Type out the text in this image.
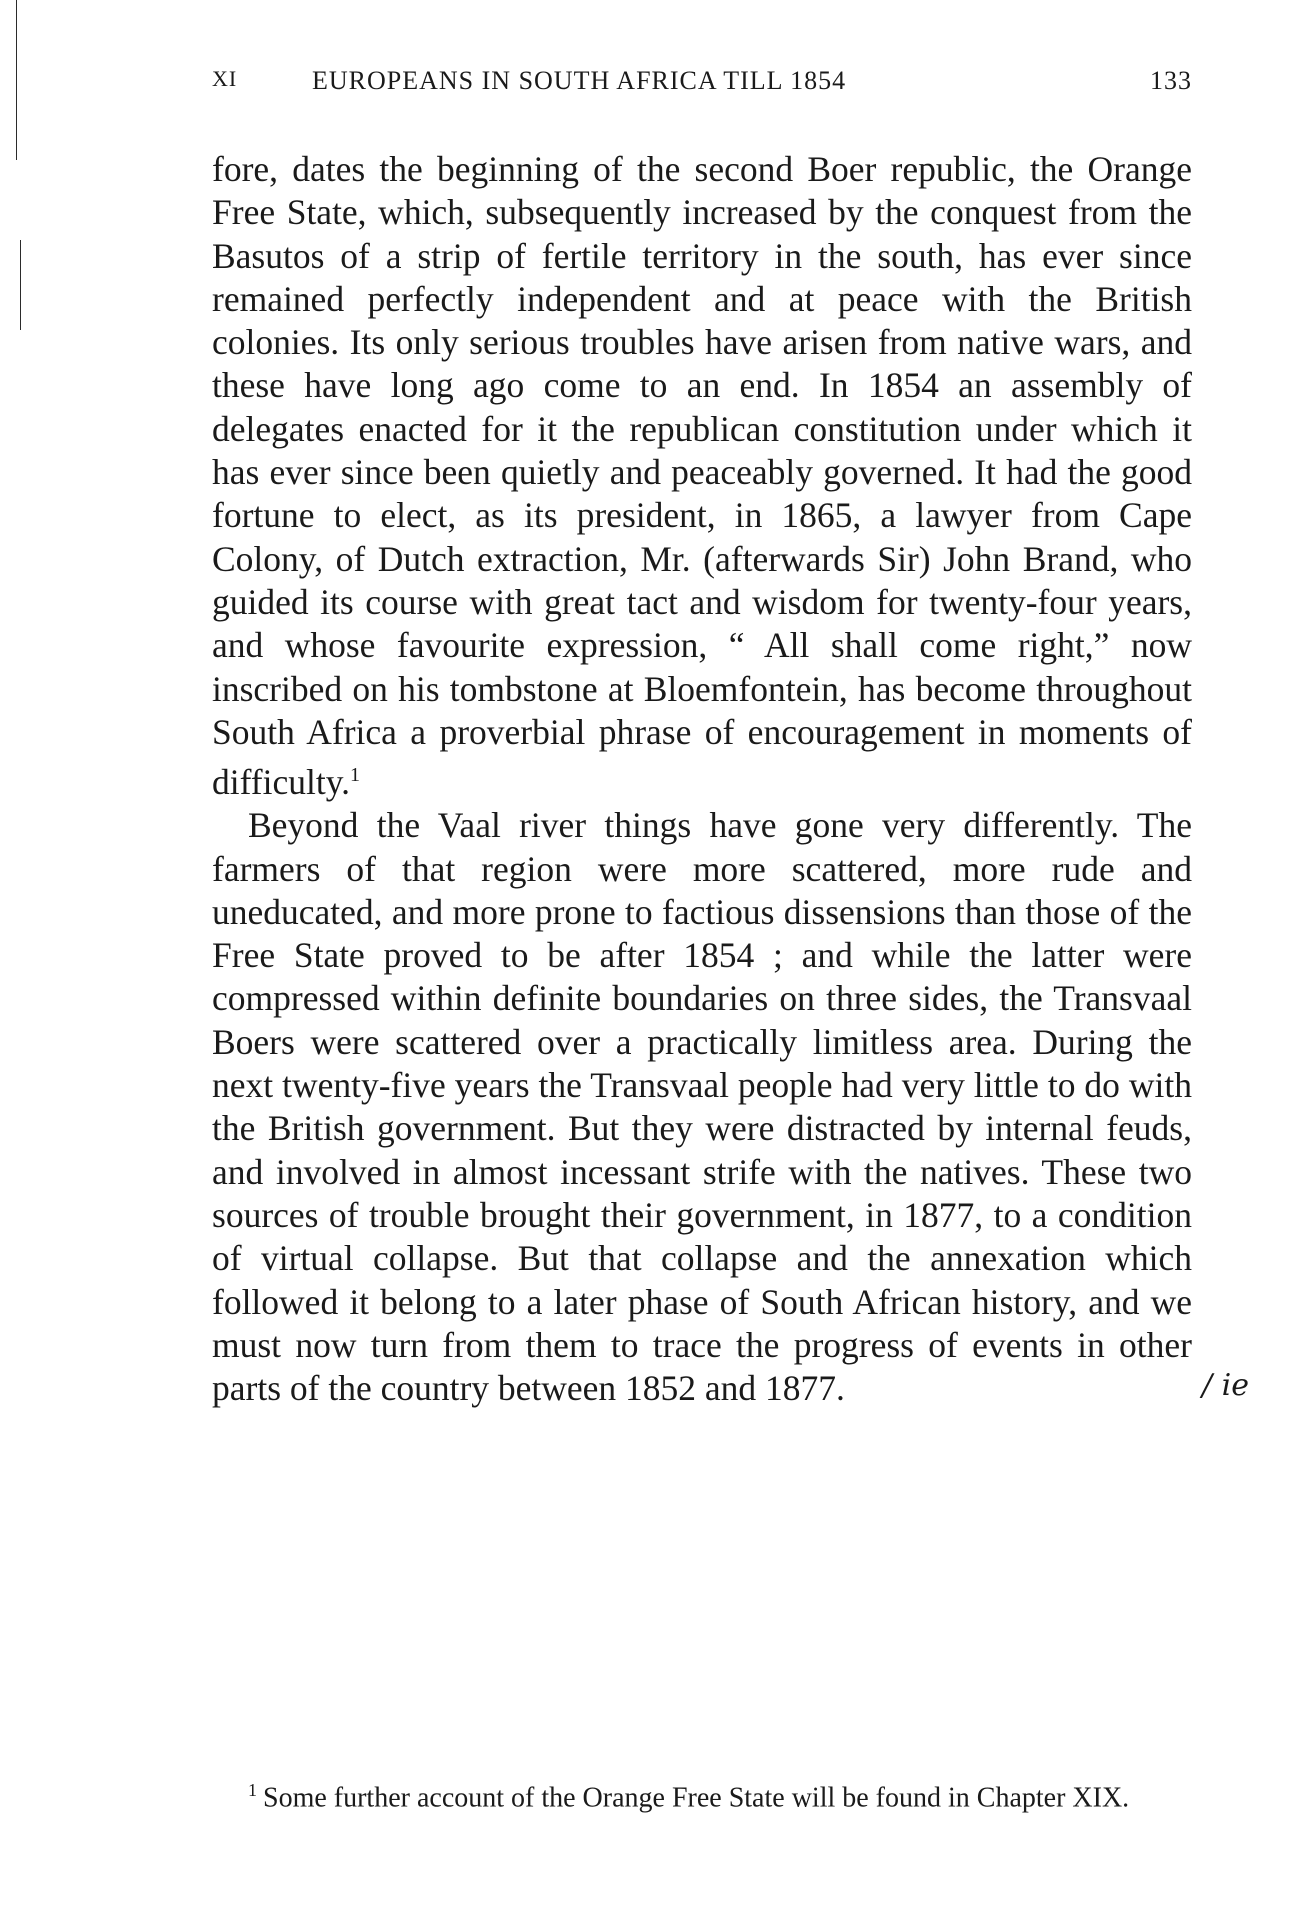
XI	EUROPEANS IN SOUTH AFRICA TILL 1854	133

fore, dates the beginning of the second Boer republic, the Orange Free State, which, subsequently increased by the conquest from the Basutos of a strip of fertile territory in the south, has ever since remained perfectly independent and at peace with the British colonies. Its only serious troubles have arisen from native wars, and these have long ago come to an end. In 1854 an assembly of delegates enacted for it the republican constitution under which it has ever since been quietly and peaceably governed. It had the good fortune to elect, as its president, in 1865, a lawyer from Cape Colony, of Dutch extraction, Mr. (afterwards Sir) John Brand, who guided its course with great tact and wisdom for twenty-four years, and whose favourite expression, “ All shall come right,” now inscribed on his tombstone at Bloemfontein, has become throughout South Africa a proverbial phrase of encouragement in moments of difficulty.$^1$

Beyond the Vaal river things have gone very differently. The farmers of that region were more scattered, more rude and uneducated, and more prone to factious dissensions than those of the Free State proved to be after 1854 ; and while the latter were compressed within definite boundaries on three sides, the Transvaal Boers were scattered over a practically limitless area. During the next twenty-five years the Transvaal people had very little to do with the British government. But they were distracted by internal feuds, and involved in almost incessant strife with the natives. These two sources of trouble brought their government, in 1877, to a condition of virtual collapse. But that collapse and the annexation which followed it belong to a later phase of South African history, and we must now turn from them to trace the progress of events in other parts of the country between 1852 and 1877.	/ ie
$^1$ Some further account of the Orange Free State will be found in Chapter XIX.
